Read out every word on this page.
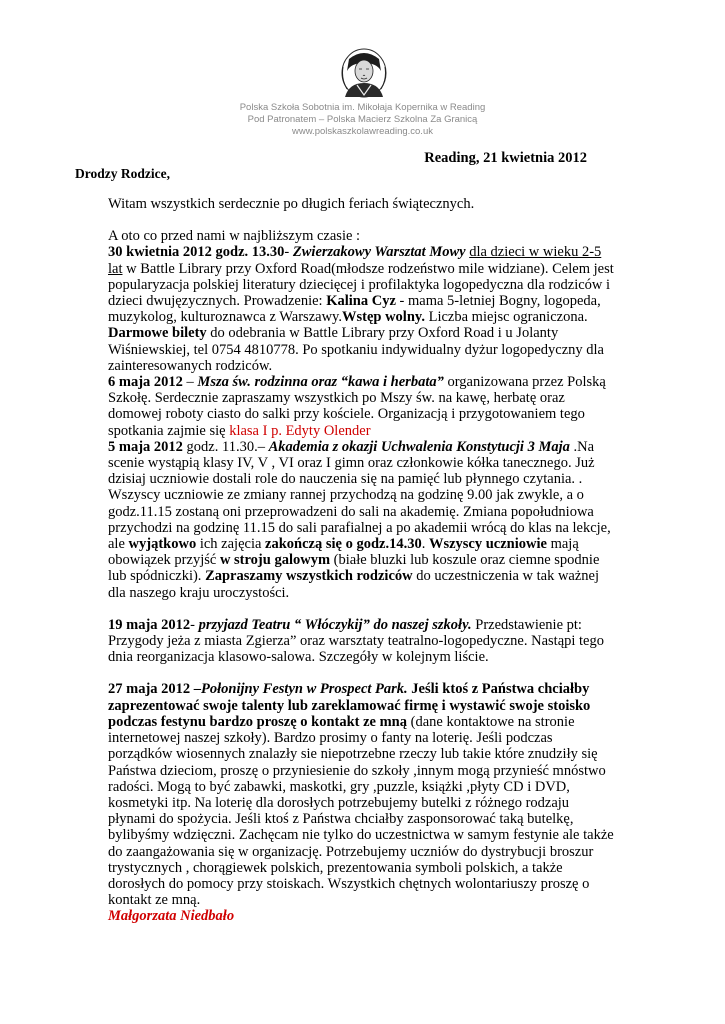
Polska Szkoła Sobotnia im. Mikołaja Kopernika w Reading
Pod Patronatem – Polska Macierz Szkolna Za Granicą
www.polskaszkolawreading.co.uk
Reading, 21 kwietnia 2012
Drodzy Rodzice,

Witam wszystkich serdecznie po długich feriach świątecznych.

A oto co przed nami w najbliższym czasie :

30 kwietnia 2012 godz. 13.30- Zwierzakowy Warsztat Mowy dla dzieci w wieku 2-5 lat w Battle Library przy Oxford Road(młodsze rodzeństwo mile widziane). Celem jest popularyzacja polskiej literatury dziecięcej i profilaktyka logopedyczna dla rodziców i dzieci dwujęzycznych. Prowadzenie: Kalina Cyz - mama 5-letniej Bogny, logopeda, muzykolog, kulturoznawca z Warszawy.Wstęp wolny. Liczba miejsc ograniczona. Darmowe bilety do odebrania w Battle Library przy Oxford Road i u Jolanty Wiśniewskiej, tel 0754 4810778. Po spotkaniu indywidualny dyżur logopedyczny dla zainteresowanych rodziców.

6 maja 2012 – Msza św. rodzinna oraz “kawa i herbata” organizowana przez Polską Szkołę. Serdecznie zapraszamy wszystkich po Mszy św. na kawę, herbatę oraz domowej roboty ciasto do salki przy kościele. Organizacją i przygotowaniem tego spotkania zajmie się klasa I p. Edyty Olender

5 maja 2012 godz. 11.30.– Akademia z okazji Uchwalenia Konstytucji 3 Maja .Na scenie wystąpią klasy IV, V , VI oraz I gimn oraz członkowie kółka tanecznego. Już dzisiaj uczniowie dostali role do nauczenia się na pamięć lub płynnego czytania. . Wszyscy uczniowie ze zmiany rannej przychodzą na godzinę 9.00 jak zwykle, a o godz.11.15 zostaną oni przeprowadzeni do sali na akademię. Zmiana popołudniowa przychodzi na godzinę 11.15 do sali parafialnej a po akademii wrócą do klas na lekcje, ale wyjątkowo ich zajęcia zakończą się o godz.14.30. Wszyscy uczniowie mają obowiązek przyjść w stroju galowym (białe bluzki lub koszule oraz ciemne spodnie lub spódniczki). Zapraszamy wszystkich rodziców do uczestniczenia w tak ważnej dla naszego kraju uroczystości.

19 maja 2012- przyjazd Teatru “ Włóczykij” do naszej szkoły. Przedstawienie pt: Przygody jeża z miasta Zgierza” oraz warsztaty teatralno-logopedyczne. Nastąpi tego dnia reorganizacja klasowo-salowa. Szczegóły w kolejnym liście.

27 maja 2012 –Połonijny Festyn w Prospect Park. Jeśli ktoś z Państwa chciałby zaprezentować swoje talenty lub zareklamować firmę i wystawić swoje stoisko podczas festynu bardzo proszę o kontakt ze mną (dane kontaktowe na stronie internetowej naszej szkoły). Bardzo prosimy o fanty na loterię. Jeśli podczas porządków wiosennych znalazły sie niepotrzebne rzeczy lub takie które znudziły się Państwa dzieciom, proszę o przyniesienie do szkoły ,innym mogą przynieść mnóstwo radości. Mogą to być zabawki, maskotki, gry ,puzzle, książki ,płyty CD i DVD, kosmetyki itp. Na loterię dla dorosłych potrzebujemy butelki z różnego rodzaju płynami do spożycia. Jeśli ktoś z Państwa chciałby zasponsorować taką butelkę, bylibyśmy wdzięczni. Zachęcam nie tylko do uczestnictwa w samym festynie ale także do zaangażowania się w organizację. Potrzebujemy uczniów do dystrybucji broszur trystycznych , chorągiewek polskich, prezentowania symboli polskich, a także dorosłych do pomocy przy stoiskach. Wszystkich chętnych wolontariuszy proszę o kontakt ze mną.

Małgorzata Niedbało
